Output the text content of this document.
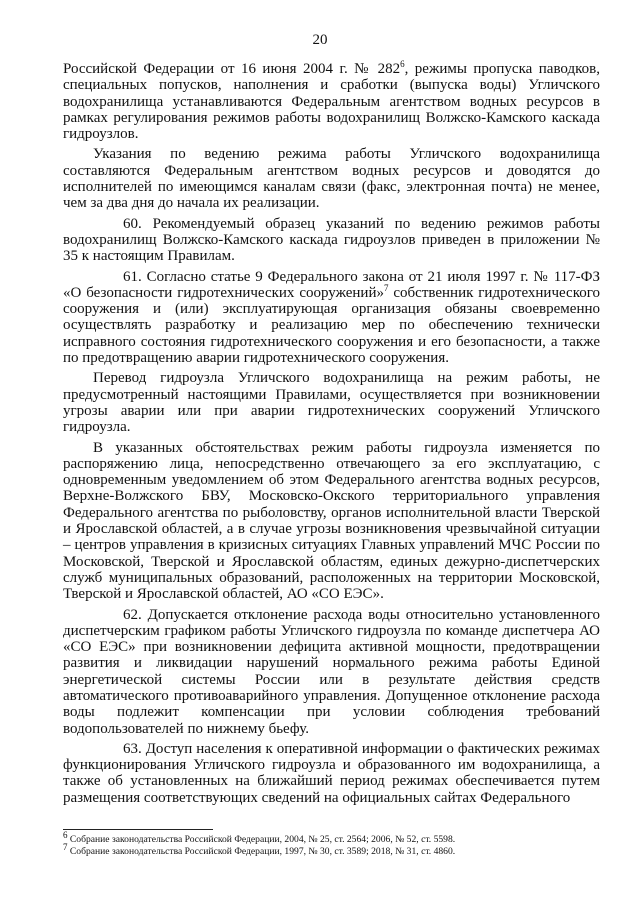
20

Российской Федерации от 16 июня 2004 г. № $282^6$, режимы пропуска паводков, специальных попусков, наполнения и сработки (выпуска воды) Угличского водохранилища устанавливаются Федеральным агентством водных ресурсов в рамках регулирования режимов работы водохранилищ Волжско-Камского каскада гидроузлов.

Указания по ведению режима работы Угличского водохранилища составляются Федеральным агентством водных ресурсов и доводятся до исполнителей по имеющимся каналам связи (факс, электронная почта) не менее, чем за два дня до начала их реализации.

60. Рекомендуемый образец указаний по ведению режимов работы водохранилищ Волжско-Камского каскада гидроузлов приведен в приложении № 35 к настоящим Правилам.

61. Согласно статье 9 Федерального закона от 21 июля 1997 г. № 117-ФЗ «О безопасности гидротехнических сооружений»$^7$ собственник гидротехнического сооружения и (или) эксплуатирующая организация обязаны своевременно осуществлять разработку и реализацию мер по обеспечению технически исправного состояния гидротехнического сооружения и его безопасности, а также по предотвращению аварии гидротехнического сооружения.

Перевод гидроузла Угличского водохранилища на режим работы, не предусмотренный настоящими Правилами, осуществляется при возникновении угрозы аварии или при аварии гидротехнических сооружений Угличского гидроузла.

В указанных обстоятельствах режим работы гидроузла изменяется по распоряжению лица, непосредственно отвечающего за его эксплуатацию, с одновременным уведомлением об этом Федерального агентства водных ресурсов, Верхне-Волжского БВУ, Московско-Окского территориального управления Федерального агентства по рыболовству, органов исполнительной власти Тверской и Ярославской областей, а в случае угрозы возникновения чрезвычайной ситуации – центров управления в кризисных ситуациях Главных управлений МЧС России по Московской, Тверской и Ярославской областям, единых дежурно-диспетчерских служб муниципальных образований, расположенных на территории Московской, Тверской и Ярославской областей, АО «СО ЕЭС».

62. Допускается отклонение расхода воды относительно установленного диспетчерским графиком работы Угличского гидроузла по команде диспетчера АО «СО ЕЭС» при возникновении дефицита активной мощности, предотвращении развития и ликвидации нарушений нормального режима работы Единой энергетической системы России или в результате действия средств автоматического противоаварийного управления. Допущенное отклонение расхода воды подлежит компенсации при условии соблюдения требований водопользователей по нижнему бьефу.

63. Доступ населения к оперативной информации о фактических режимах функционирования Угличского гидроузла и образованного им водохранилища, а также об установленных на ближайший период режимах обеспечивается путем размещения соответствующих сведений на официальных сайтах Федерального

$^6$ Собрание законодательства Российской Федерации, 2004, № 25, ст. 2564; 2006, № 52, ст. 5598.

$^7$ Собрание законодательства Российской Федерации, 1997, № 30, ст. 3589; 2018, № 31, ст. 4860.
